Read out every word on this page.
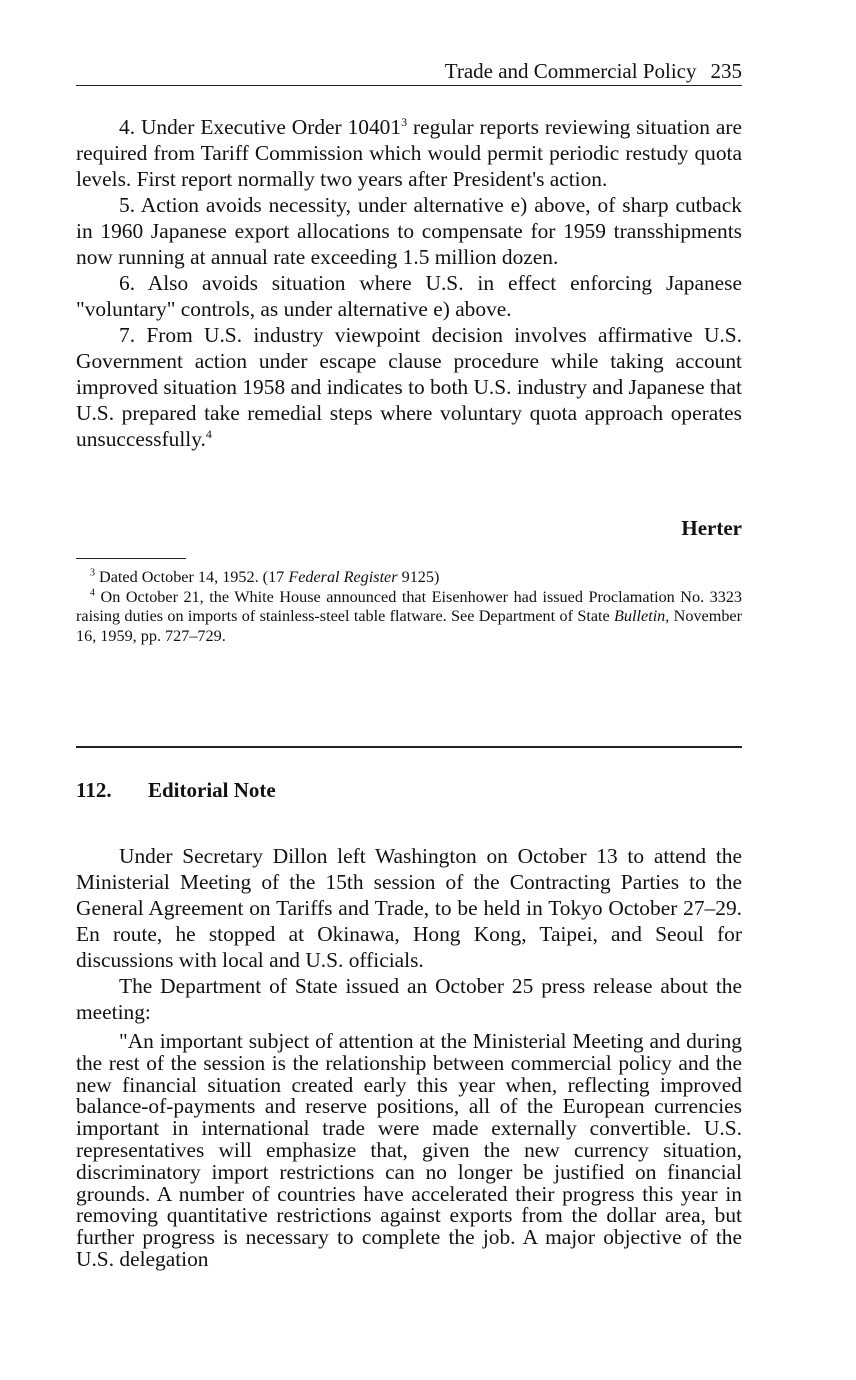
Trade and Commercial Policy 235

4. Under Executive Order 10401$^3$ regular reports reviewing situation are required from Tariff Commission which would permit periodic restudy quota levels. First report normally two years after President's action.

5. Action avoids necessity, under alternative e) above, of sharp cutback in 1960 Japanese export allocations to compensate for 1959 transshipments now running at annual rate exceeding 1.5 million dozen.

6. Also avoids situation where U.S. in effect enforcing Japanese "voluntary" controls, as under alternative e) above.

7. From U.S. industry viewpoint decision involves affirmative U.S. Government action under escape clause procedure while taking account improved situation 1958 and indicates to both U.S. industry and Japanese that U.S. prepared take remedial steps where voluntary quota approach operates unsuccessfully.$^4$

Herter

$^3$ Dated October 14, 1952. (17 Federal Register 9125)

$^4$ On October 21, the White House announced that Eisenhower had issued Proclamation No. 3323 raising duties on imports of stainless-steel table flatware. See Department of State Bulletin, November 16, 1959, pp. 727–729.

112. Editorial Note

Under Secretary Dillon left Washington on October 13 to attend the Ministerial Meeting of the 15th session of the Contracting Parties to the General Agreement on Tariffs and Trade, to be held in Tokyo October 27–29. En route, he stopped at Okinawa, Hong Kong, Taipei, and Seoul for discussions with local and U.S. officials.

The Department of State issued an October 25 press release about the meeting:

"An important subject of attention at the Ministerial Meeting and during the rest of the session is the relationship between commercial policy and the new financial situation created early this year when, reflecting improved balance-of-payments and reserve positions, all of the European currencies important in international trade were made externally convertible. U.S. representatives will emphasize that, given the new currency situation, discriminatory import restrictions can no longer be justified on financial grounds. A number of countries have accelerated their progress this year in removing quantitative restrictions against exports from the dollar area, but further progress is necessary to complete the job. A major objective of the U.S. delegation
